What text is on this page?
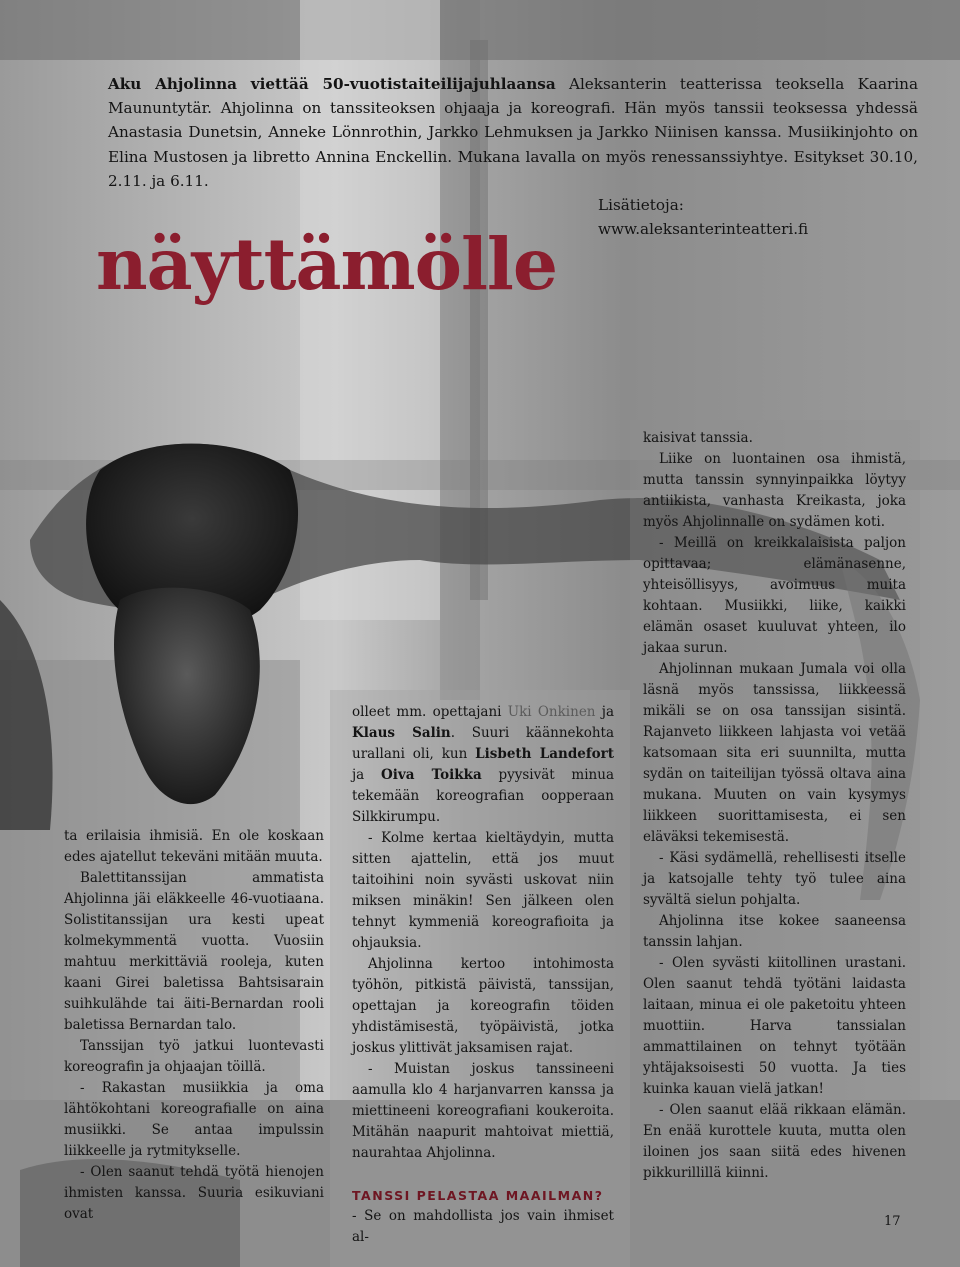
Aku Ahjolinna viettää 50-vuotistaiteilijajuhlaansa Aleksanterin teatterissa teoksella Kaarina Maununtytär. Ahjolinna on tanssiteoksen ohjaaja ja koreografi. Hän myös tanssii teoksessa yhdessä Anastasia Dunetsin, Anneke Lönnrothin, Jarkko Lehmuksen ja Jarkko Niinisen kanssa. Musiikinjohto on Elina Mustosen ja libretto Annina Enckellin. Mukana lavalla on myös renessanssiyhtye. Esitykset 30.10, 2.11. ja 6.11.
Lisätietoja: www.aleksanterinteatteri.fi
näyttämölle

ta erilaisia ihmisiä. En ole koskaan edes ajatellut tekeväni mitään muuta.

Balettitanssijan ammatista Ahjolinna jäi eläkkeelle 46-vuotiaana. Solistitanssijan ura kesti upeat kolmekymmentä vuotta. Vuosiin mahtuu merkittäviä rooleja, kuten kaani Girei baletissa Bahtsisarain suihkulähde tai äiti-Bernardan rooli baletissa Bernardan talo.

Tanssijan työ jatkui luontevasti koreografin ja ohjaajan töillä.

- Rakastan musiikkia ja oma lähtökohtani koreografialle on aina musiikki. Se antaa impulssin liikkeelle ja rytmitykselle.

- Olen saanut tehdä työtä hienojen ihmisten kanssa. Suuria esikuviani ovat

olleet mm. opettajani Uki Onkinen ja Klaus Salin. Suuri käännekohta urallani oli, kun Lisbeth Landefort ja Oiva Toikka pyysivät minua tekemään koreografian oopperaan Silkkirumpu.

- Kolme kertaa kieltäydyin, mutta sitten ajattelin, että jos muut taitoihini noin syvästi uskovat niin miksen minäkin! Sen jälkeen olen tehnyt kymmeniä koreografioita ja ohjauksia.

Ahjolinna kertoo intohimosta työhön, pitkistä päivistä, tanssijan, opettajan ja koreografin töiden yhdistämisestä, työpäivistä, jotka joskus ylittivät jaksamisen rajat.

- Muistan joskus tanssineeni aamulla klo 4 harjanvarren kanssa ja miettineeni koreografiani koukeroita. Mitähän naapurit mahtoivat miettiä, naurahtaa Ahjolinna.

TANSSI PELASTAA MAAILMAN?

- Se on mahdollista jos vain ihmiset al-

kaisivat tanssia.

Liike on luontainen osa ihmistä, mutta tanssin synnyinpaikka löytyy antiikista, vanhasta Kreikasta, joka myös Ahjolinnalle on sydämen koti.

- Meillä on kreikkalaisista paljon opittavaa; elämänasenne, yhteisöllisyys, avoimuus muita kohtaan. Musiikki, liike, kaikki elämän osaset kuuluvat yhteen, ilo jakaa surun.

Ahjolinnan mukaan Jumala voi olla läsnä myös tanssissa, liikkeessä mikäli se on osa tanssijan sisintä. Rajanveto liikkeen lahjasta voi vetää katsomaan sita eri suunnilta, mutta sydän on taiteilijan työssä oltava aina mukana. Muuten on vain kysymys liikkeen suorittamisesta, ei sen eläväksi tekemisestä.

- Käsi sydämellä, rehellisesti itselle ja katsojalle tehty työ tulee aina syvältä sielun pohjalta.

Ahjolinna itse kokee saaneensa tanssin lahjan.

- Olen syvästi kiitollinen urastani. Olen saanut tehdä työtäni laidasta laitaan, minua ei ole paketoitu yhteen muottiin. Harva tanssialan ammattilainen on tehnyt työtään yhtäjaksoisesti 50 vuotta. Ja ties kuinka kauan vielä jatkan!

- Olen saanut elää rikkaan elämän. En enää kurottele kuuta, mutta olen iloinen jos saan siitä edes hivenen pikkurillillä kiinni.

17
